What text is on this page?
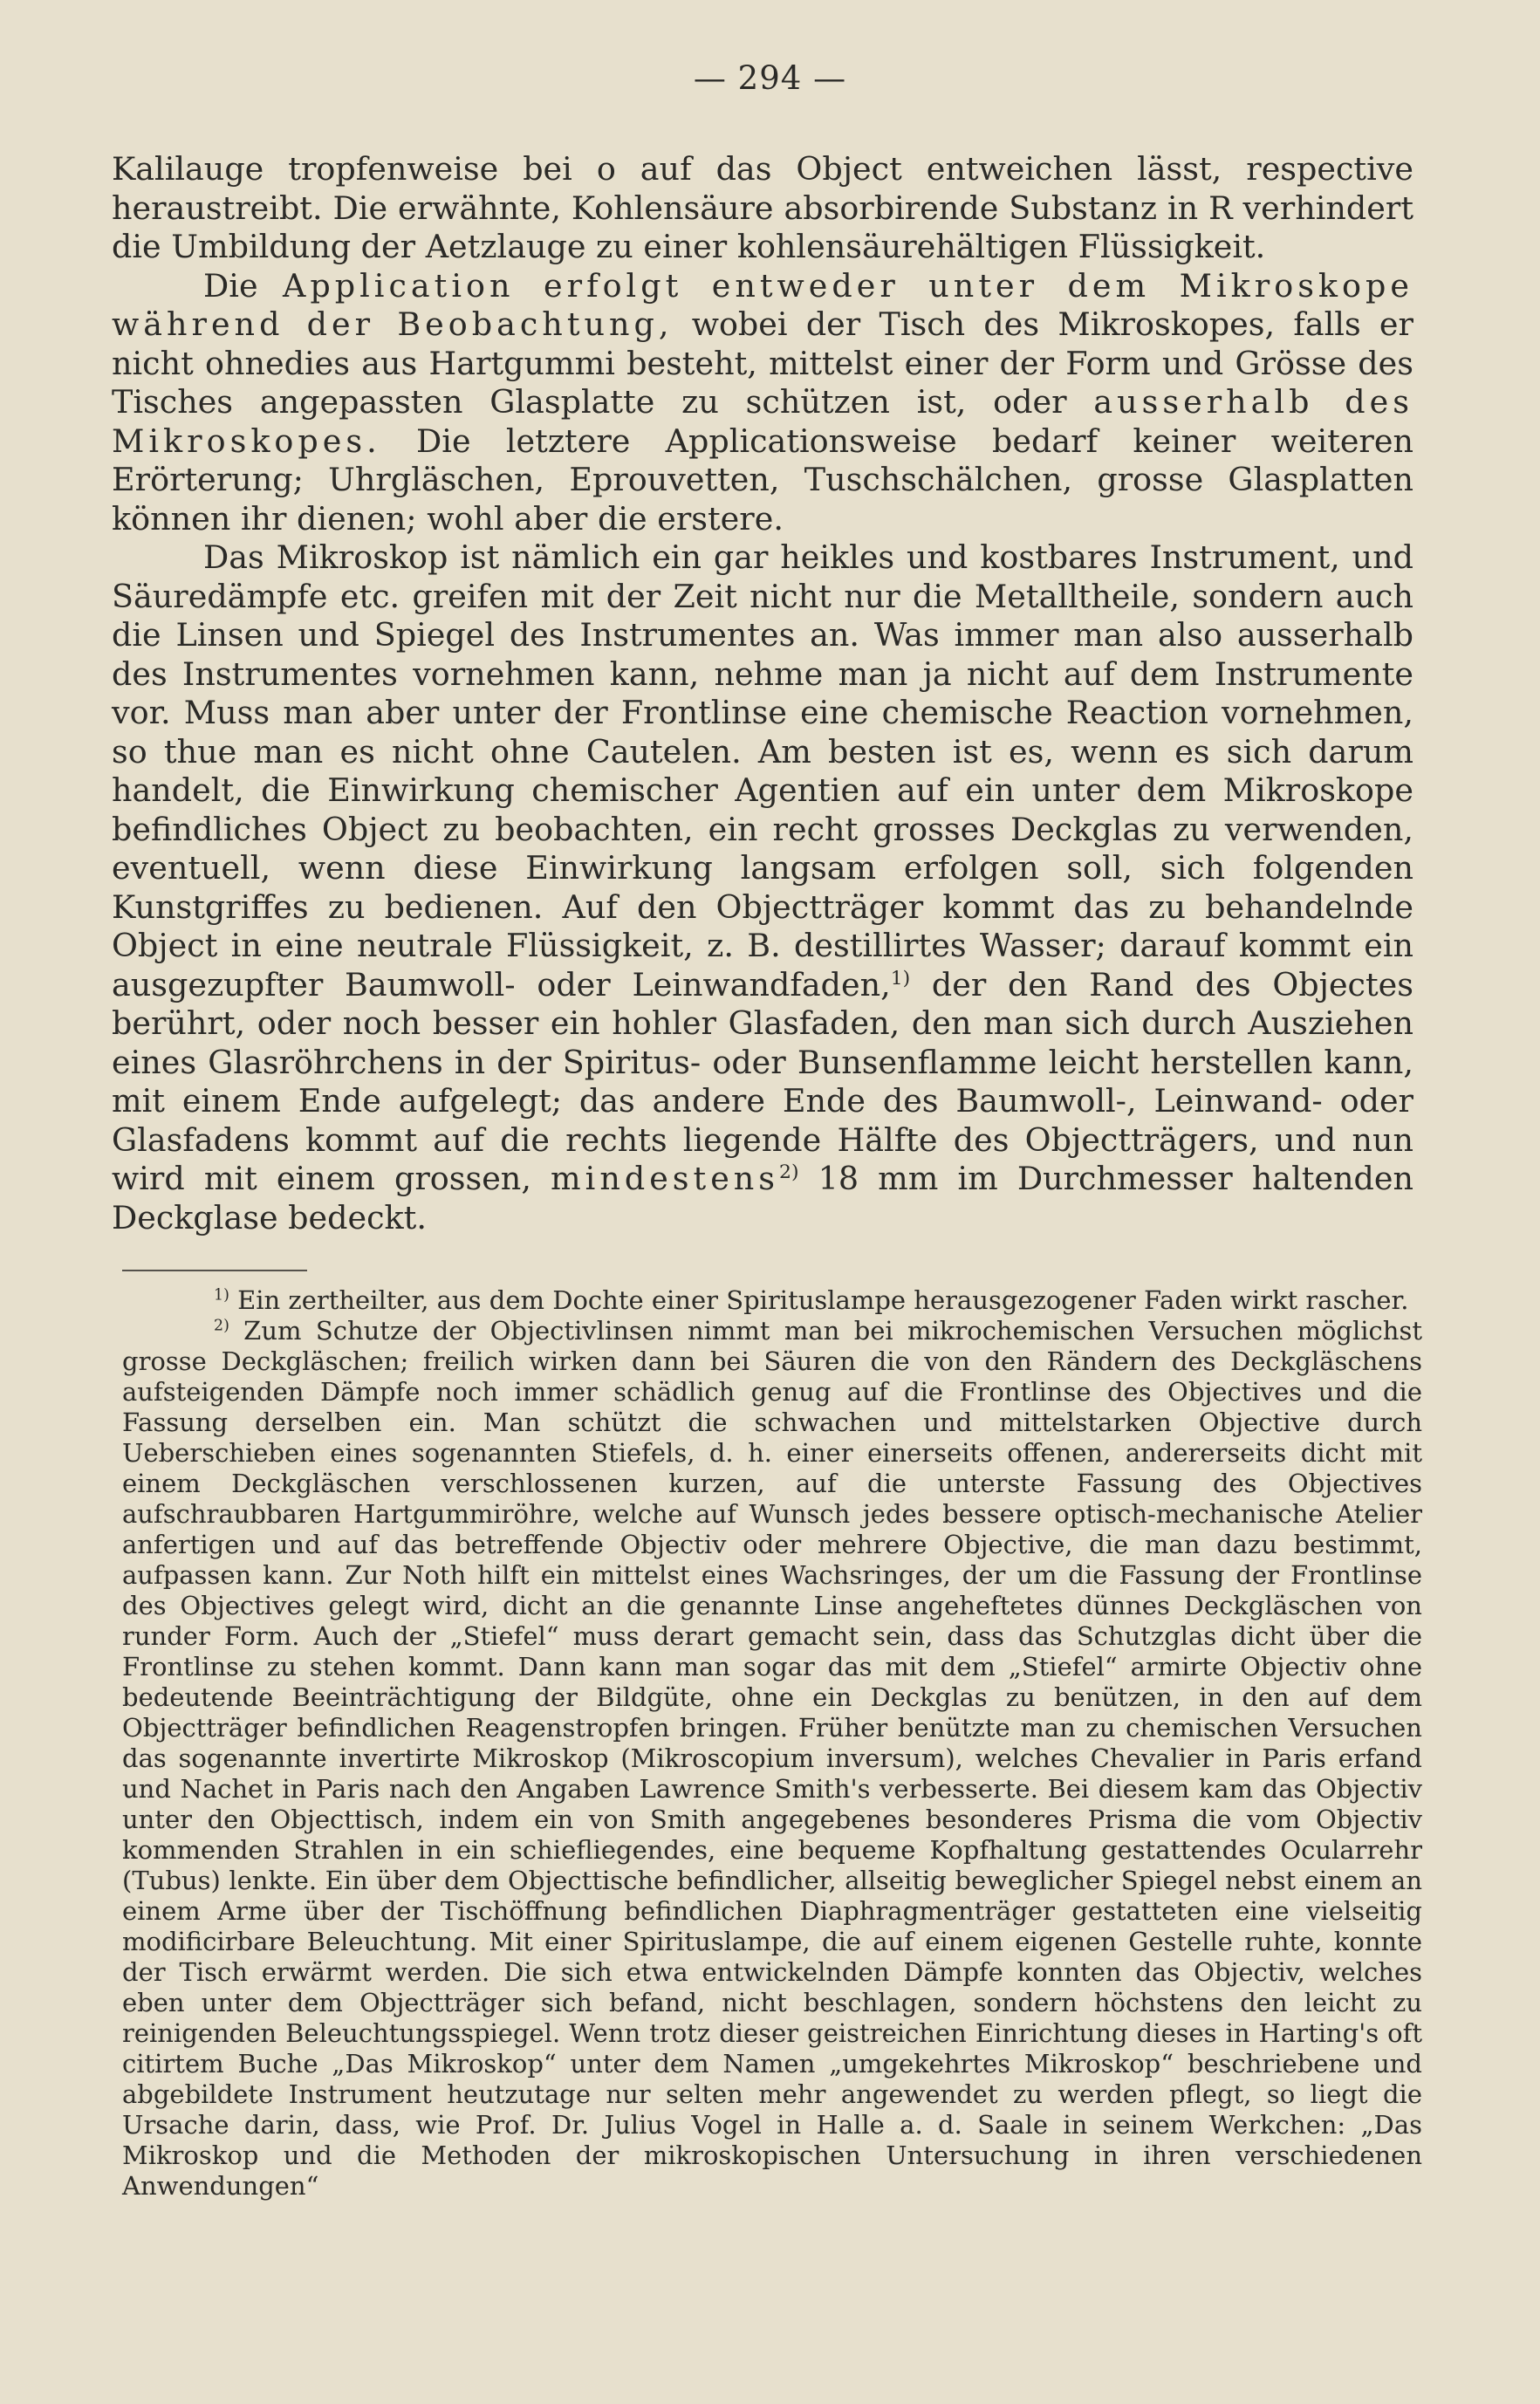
— 294 —

Kalilauge tropfenweise bei o auf das Object entweichen lässt, respective heraustreibt. Die erwähnte, Kohlensäure absorbirende Substanz in R verhindert die Umbildung der Aetzlauge zu einer kohlensäurehältigen Flüssigkeit.

Die Application erfolgt entweder unter dem Mikroskope während der Beobachtung, wobei der Tisch des Mikroskopes, falls er nicht ohnedies aus Hartgummi besteht, mittelst einer der Form und Grösse des Tisches angepassten Glasplatte zu schützen ist, oder ausserhalb des Mikroskopes. Die letztere Applicationsweise bedarf keiner weiteren Erörterung; Uhrgläschen, Eprouvetten, Tuschschälchen, grosse Glasplatten können ihr dienen; wohl aber die erstere.

Das Mikroskop ist nämlich ein gar heikles und kostbares Instrument, und Säuredämpfe etc. greifen mit der Zeit nicht nur die Metalltheile, sondern auch die Linsen und Spiegel des Instrumentes an. Was immer man also ausserhalb des Instrumentes vornehmen kann, nehme man ja nicht auf dem Instrumente vor. Muss man aber unter der Frontlinse eine chemische Reaction vornehmen, so thue man es nicht ohne Cautelen. Am besten ist es, wenn es sich darum handelt, die Einwirkung chemischer Agentien auf ein unter dem Mikroskope befindliches Object zu beobachten, ein recht grosses Deckglas zu verwenden, eventuell, wenn diese Einwirkung langsam erfolgen soll, sich folgenden Kunstgriffes zu bedienen. Auf den Objectträger kommt das zu behandelnde Object in eine neutrale Flüssigkeit, z. B. destillirtes Wasser; darauf kommt ein ausgezupfter Baumwoll- oder Leinwandfaden,$^{1)}$ der den Rand des Objectes berührt, oder noch besser ein hohler Glasfaden, den man sich durch Ausziehen eines Glasröhrchens in der Spiritus- oder Bunsenflamme leicht herstellen kann, mit einem Ende aufgelegt; das andere Ende des Baumwoll-, Leinwand- oder Glasfadens kommt auf die rechts liegende Hälfte des Objectträgers, und nun wird mit einem grossen, mindestens$^{2)}$ 18 mm im Durchmesser haltenden Deckglase bedeckt.

$^{1)}$ Ein zertheilter, aus dem Dochte einer Spirituslampe herausgezogener Faden wirkt rascher.

$^{2)}$ Zum Schutze der Objectivlinsen nimmt man bei mikrochemischen Versuchen möglichst grosse Deckgläschen; freilich wirken dann bei Säuren die von den Rändern des Deckgläschens aufsteigenden Dämpfe noch immer schädlich genug auf die Frontlinse des Objectives und die Fassung derselben ein. Man schützt die schwachen und mittelstarken Objective durch Ueberschieben eines sogenannten Stiefels, d. h. einer einerseits offenen, andererseits dicht mit einem Deckgläschen verschlossenen kurzen, auf die unterste Fassung des Objectives aufschraubbaren Hartgummiröhre, welche auf Wunsch jedes bessere optisch-mechanische Atelier anfertigen und auf das betreffende Objectiv oder mehrere Objective, die man dazu bestimmt, aufpassen kann. Zur Noth hilft ein mittelst eines Wachsringes, der um die Fassung der Frontlinse des Objectives gelegt wird, dicht an die genannte Linse angeheftetes dünnes Deckgläschen von runder Form. Auch der „Stiefel“ muss derart gemacht sein, dass das Schutzglas dicht über die Frontlinse zu stehen kommt. Dann kann man sogar das mit dem „Stiefel“ armirte Objectiv ohne bedeutende Beeinträchtigung der Bildgüte, ohne ein Deckglas zu benützen, in den auf dem Objectträger befindlichen Reagenstropfen bringen. Früher benützte man zu chemischen Versuchen das sogenannte invertirte Mikroskop (Mikroscopium inversum), welches Chevalier in Paris erfand und Nachet in Paris nach den Angaben Lawrence Smith's verbesserte. Bei diesem kam das Objectiv unter den Objecttisch, indem ein von Smith angegebenes besonderes Prisma die vom Objectiv kommenden Strahlen in ein schiefliegendes, eine bequeme Kopfhaltung gestattendes Ocularrehr (Tubus) lenkte. Ein über dem Objecttische befindlicher, allseitig beweglicher Spiegel nebst einem an einem Arme über der Tischöffnung befindlichen Diaphragmenträger gestatteten eine vielseitig modificirbare Beleuchtung. Mit einer Spirituslampe, die auf einem eigenen Gestelle ruhte, konnte der Tisch erwärmt werden. Die sich etwa entwickelnden Dämpfe konnten das Objectiv, welches eben unter dem Objectträger sich befand, nicht beschlagen, sondern höchstens den leicht zu reinigenden Beleuchtungsspiegel. Wenn trotz dieser geistreichen Einrichtung dieses in Harting's oft citirtem Buche „Das Mikroskop“ unter dem Namen „umgekehrtes Mikroskop“ beschriebene und abgebildete Instrument heutzutage nur selten mehr angewendet zu werden pflegt, so liegt die Ursache darin, dass, wie Prof. Dr. Julius Vogel in Halle a. d. Saale in seinem Werkchen: „Das Mikroskop und die Methoden der mikroskopischen Untersuchung in ihren verschiedenen Anwendungen“
